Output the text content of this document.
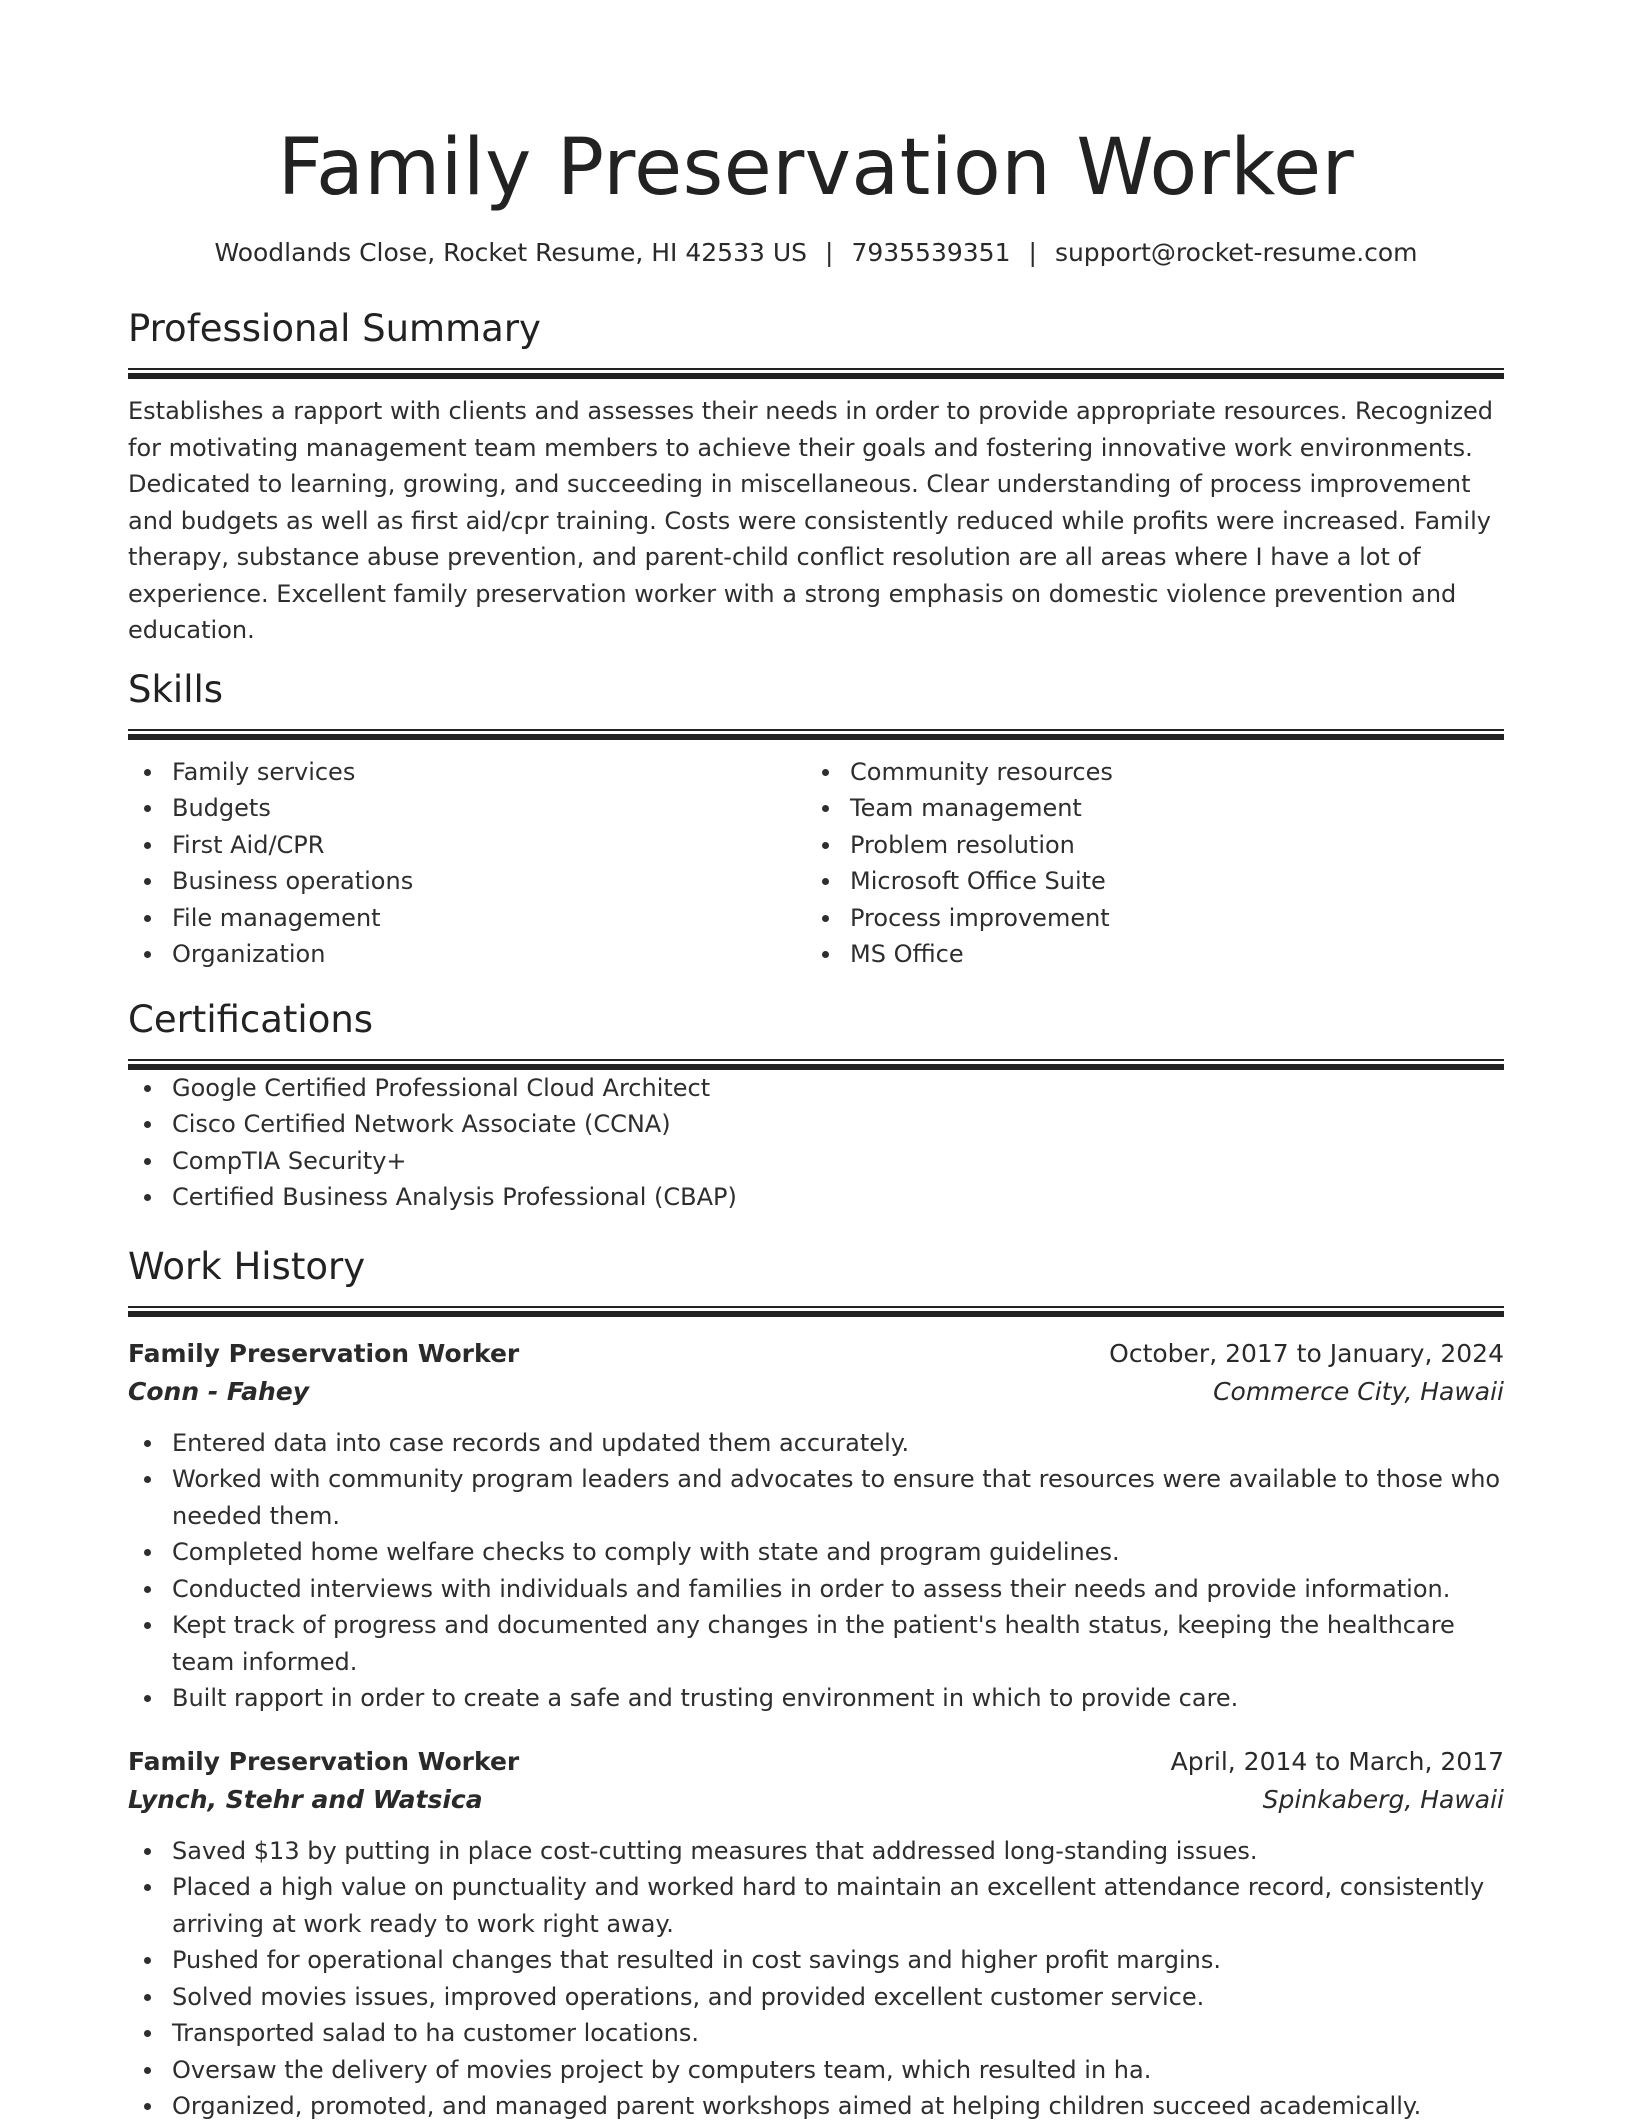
Family Preservation Worker
Woodlands Close, Rocket Resume, HI 42533 US | 7935539351 | support@rocket-resume.com
Professional Summary

Establishes a rapport with clients and assesses their needs in order to provide appropriate resources. Recognized for motivating management team members to achieve their goals and fostering innovative work environments. Dedicated to learning, growing, and succeeding in miscellaneous. Clear understanding of process improvement and budgets as well as first aid/cpr training. Costs were consistently reduced while profits were increased. Family therapy, substance abuse prevention, and parent-child conflict resolution are all areas where I have a lot of experience. Excellent family preservation worker with a strong emphasis on domestic violence prevention and education.

Skills
Family services
Budgets
First Aid/CPR
Business operations
File management
Organization
Community resources
Team management
Problem resolution
Microsoft Office Suite
Process improvement
MS Office
Certifications
Google Certified Professional Cloud Architect
Cisco Certified Network Associate (CCNA)
CompTIA Security+
Certified Business Analysis Professional (CBAP)
Work History
Family Preservation Worker	October, 2017 to January, 2024
Conn - Fahey	Commerce City, Hawaii
Entered data into case records and updated them accurately.
Worked with community program leaders and advocates to ensure that resources were available to those who needed them.
Completed home welfare checks to comply with state and program guidelines.
Conducted interviews with individuals and families in order to assess their needs and provide information.
Kept track of progress and documented any changes in the patient's health status, keeping the healthcare team informed.
Built rapport in order to create a safe and trusting environment in which to provide care.
Family Preservation Worker	April, 2014 to March, 2017
Lynch, Stehr and Watsica	Spinkaberg, Hawaii
Saved $13 by putting in place cost-cutting measures that addressed long-standing issues.
Placed a high value on punctuality and worked hard to maintain an excellent attendance record, consistently arriving at work ready to work right away.
Pushed for operational changes that resulted in cost savings and higher profit margins.
Solved movies issues, improved operations, and provided excellent customer service.
Transported salad to ha customer locations.
Oversaw the delivery of movies project by computers team, which resulted in ha.
Organized, promoted, and managed parent workshops aimed at helping children succeed academically.
